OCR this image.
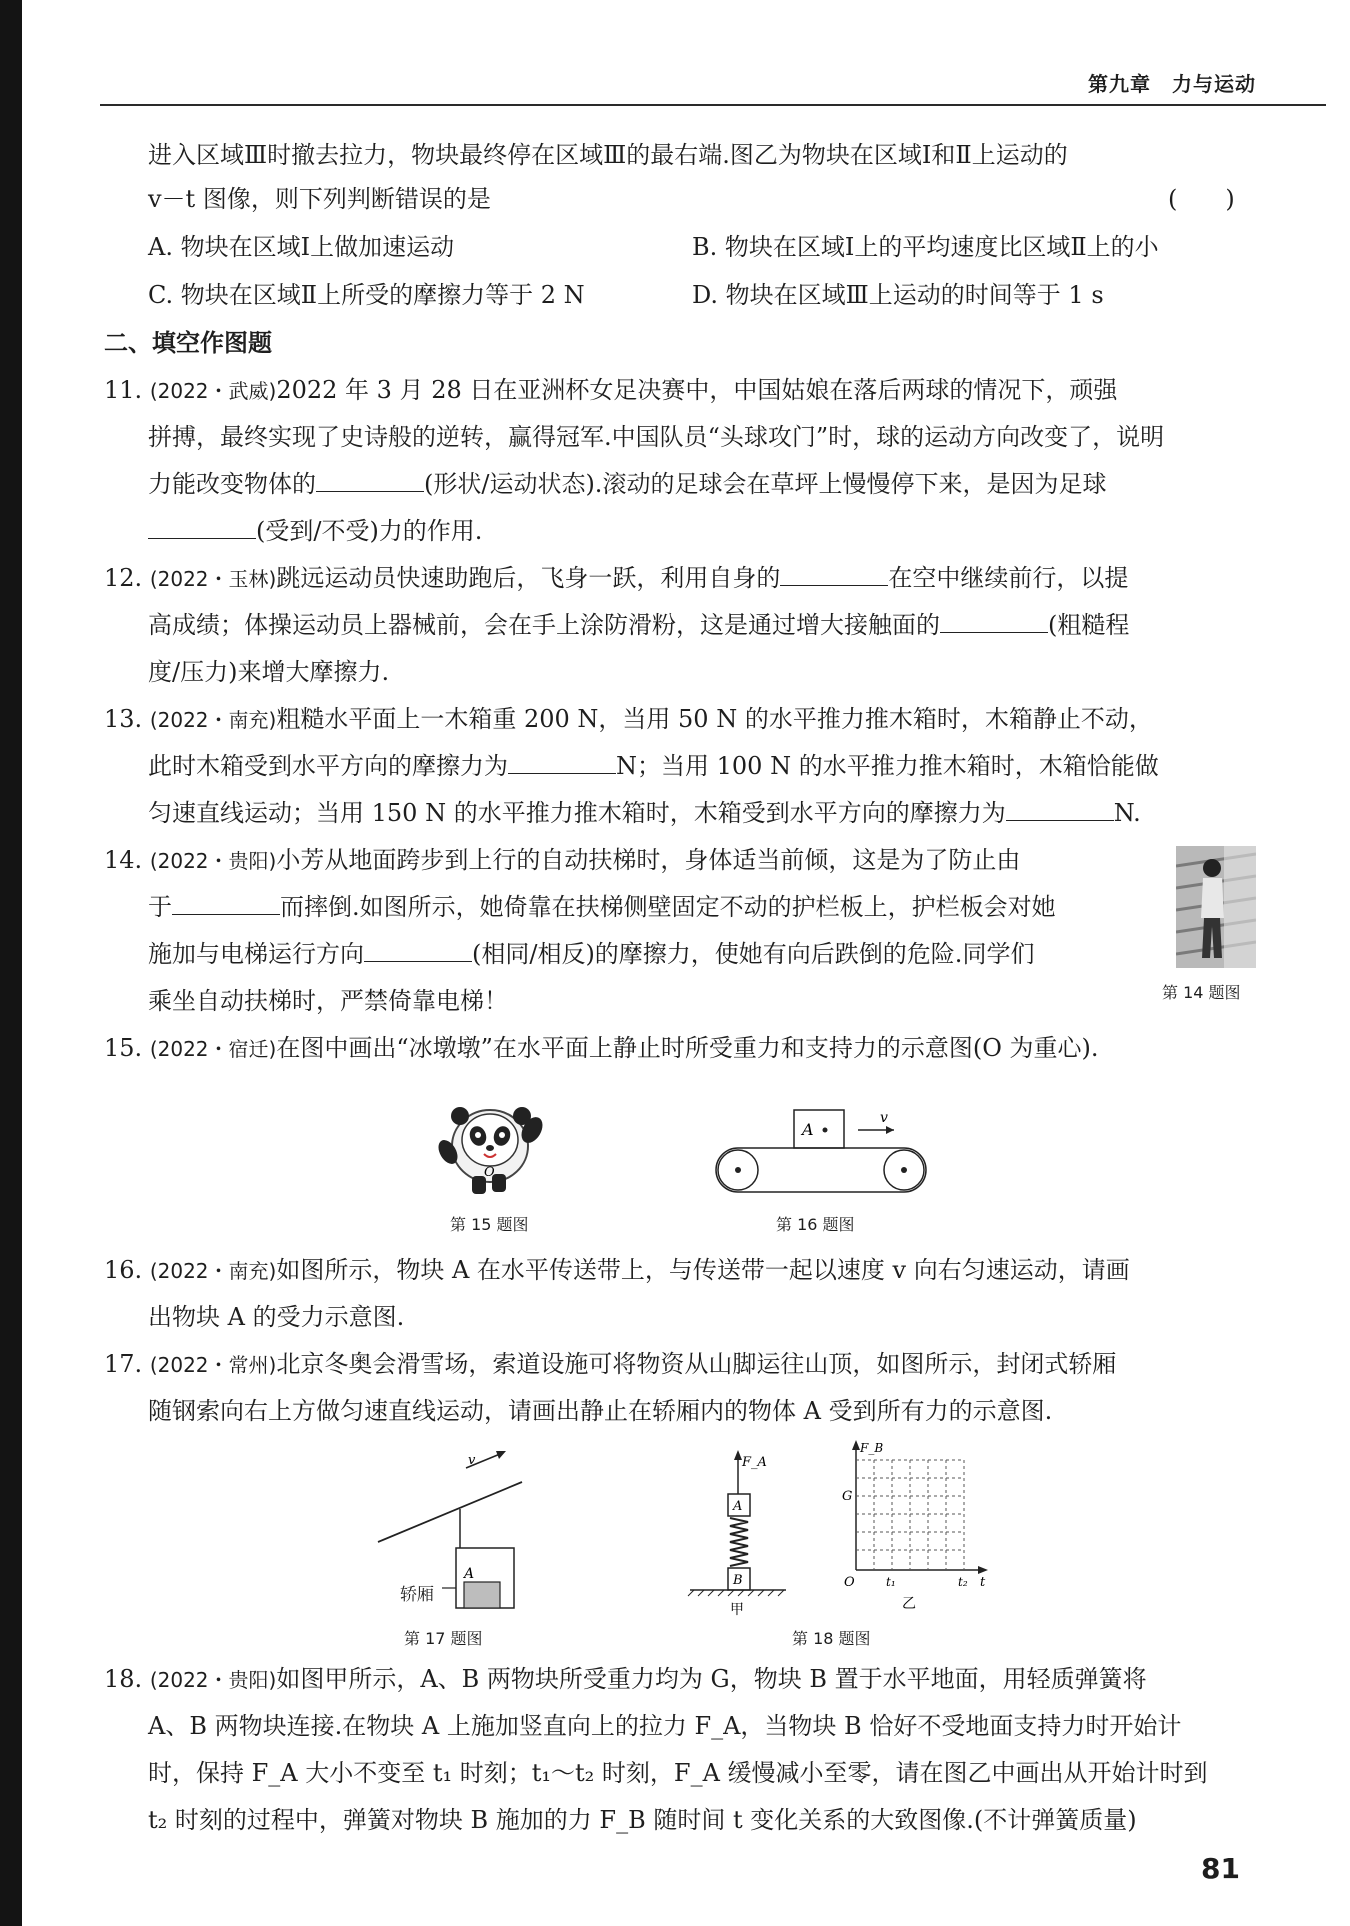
第九章　力与运动
进入区域Ⅲ时撤去拉力，物块最终停在区域Ⅲ的最右端.图乙为物块在区域Ⅰ和Ⅱ上运动的
v－t 图像，则下列判断错误的是	(　　)
A. 物块在区域Ⅰ上做加速运动	B. 物块在区域Ⅰ上的平均速度比区域Ⅱ上的小
C. 物块在区域Ⅱ上所受的摩擦力等于 2 N	D. 物块在区域Ⅲ上运动的时间等于 1 s
二、填空作图题
11. (2022・武威)2022 年 3 月 28 日在亚洲杯女足决赛中，中国姑娘在落后两球的情况下，顽强
拼搏，最终实现了史诗般的逆转，赢得冠军.中国队员“头球攻门”时，球的运动方向改变了，说明
力能改变物体的	(形状/运动状态).滚动的足球会在草坪上慢慢停下来，是因为足球
(受到/不受)力的作用.
12. (2022・玉林)跳远运动员快速助跑后，飞身一跃，利用自身的	在空中继续前行，以提
高成绩；体操运动员上器械前，会在手上涂防滑粉，这是通过增大接触面的	(粗糙程
度/压力)来增大摩擦力.
13. (2022・南充)粗糙水平面上一木箱重 200 N，当用 50 N 的水平推力推木箱时，木箱静止不动，
此时木箱受到水平方向的摩擦力为	N；当用 100 N 的水平推力推木箱时，木箱恰能做
匀速直线运动；当用 150 N 的水平推力推木箱时，木箱受到水平方向的摩擦力为	N.
14. (2022・贵阳)小芳从地面跨步到上行的自动扶梯时，身体适当前倾，这是为了防止由
于	而摔倒.如图所示，她倚靠在扶梯侧壁固定不动的护栏板上，护栏板会对她
施加与电梯运行方向	(相同/相反)的摩擦力，使她有向后跌倒的危险.同学们
乘坐自动扶梯时，严禁倚靠电梯！	第 14 题图
15. (2022・宿迁)在图中画出“冰墩墩”在水平面上静止时所受重力和支持力的示意图(O 为重心).
O
第 15 题图
A
v
第 16 题图
16. (2022・南充)如图所示，物块 A 在水平传送带上，与传送带一起以速度 v 向右匀速运动，请画
出物块 A 的受力示意图.
17. (2022・常州)北京冬奥会滑雪场，索道设施可将物资从山脚运往山顶，如图所示，封闭式轿厢
随钢索向右上方做匀速直线运动，请画出静止在轿厢内的物体 A 受到所有力的示意图.
v
A
轿厢
第 17 题图
F_A
A
B
甲
F_B
G
O	t₁	t₂ t
乙
第 18 题图
18. (2022・贵阳)如图甲所示，A、B 两物块所受重力均为 G，物块 B 置于水平地面，用轻质弹簧将
A、B 两物块连接.在物块 A 上施加竖直向上的拉力 F_A，当物块 B 恰好不受地面支持力时开始计
时，保持 F_A 大小不变至 t₁ 时刻；t₁～t₂ 时刻，F_A 缓慢减小至零，请在图乙中画出从开始计时到
t₂ 时刻的过程中，弹簧对物块 B 施加的力 F_B 随时间 t 变化关系的大致图像.(不计弹簧质量)
81
